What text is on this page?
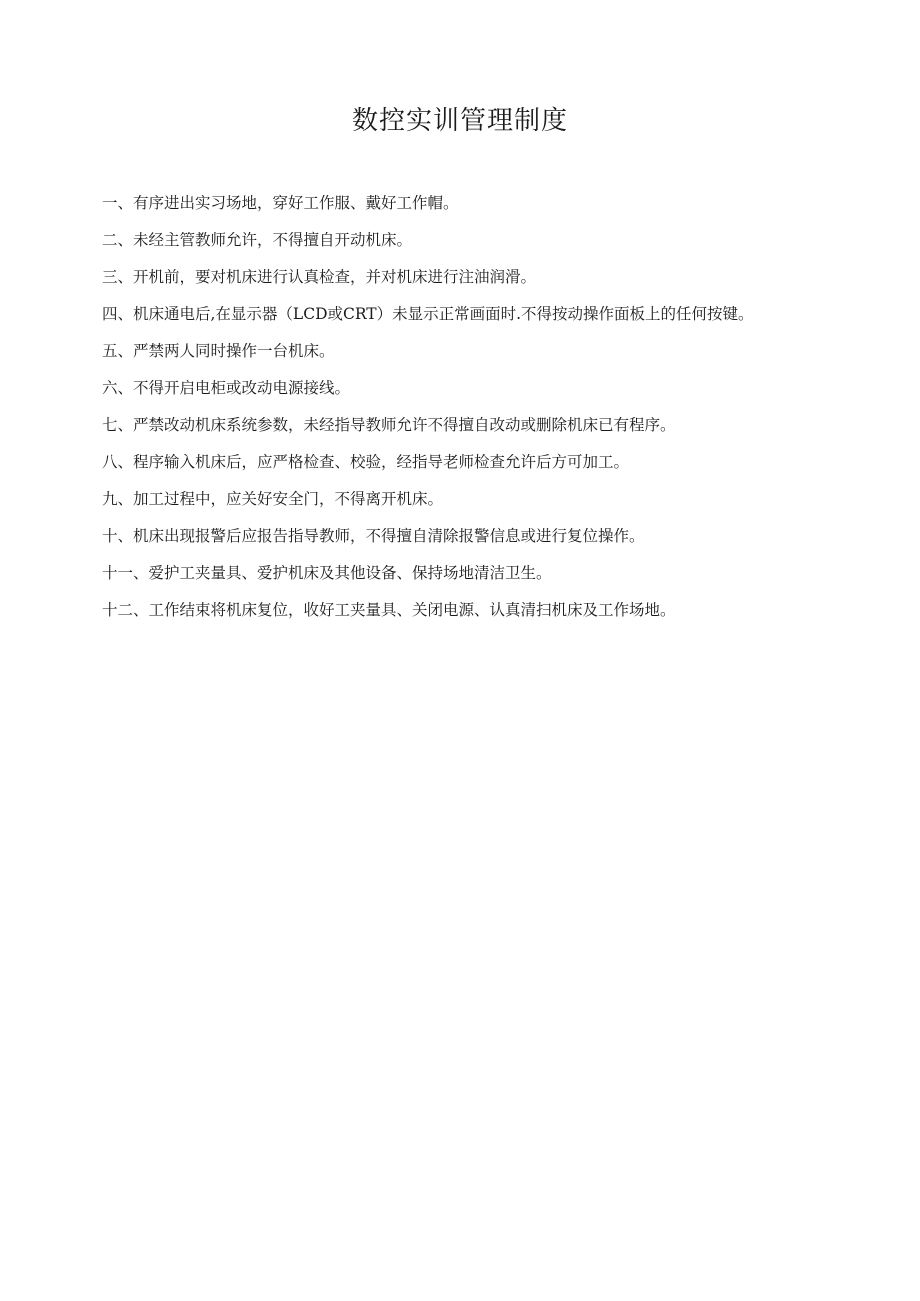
数控实训管理制度
一、有序进出实习场地，穿好工作服、戴好工作帽。
二、未经主管教师允许，不得擅自开动机床。
三、开机前，要对机床进行认真检查，并对机床进行注油润滑。
四、机床通电后,在显示器（LCD或CRT）未显示正常画面时.不得按动操作面板上的任何按键。
五、严禁两人同时操作一台机床。
六、不得开启电柜或改动电源接线。
七、严禁改动机床系统参数，未经指导教师允许不得擅自改动或删除机床已有程序。
八、程序输入机床后，应严格检查、校验，经指导老师检查允许后方可加工。
九、加工过程中，应关好安全门，不得离开机床。
十、机床出现报警后应报告指导教师，不得擅自清除报警信息或进行复位操作。
十一、爱护工夹量具、爱护机床及其他设备、保持场地清洁卫生。
十二、工作结束将机床复位，收好工夹量具、关闭电源、认真清扫机床及工作场地。
